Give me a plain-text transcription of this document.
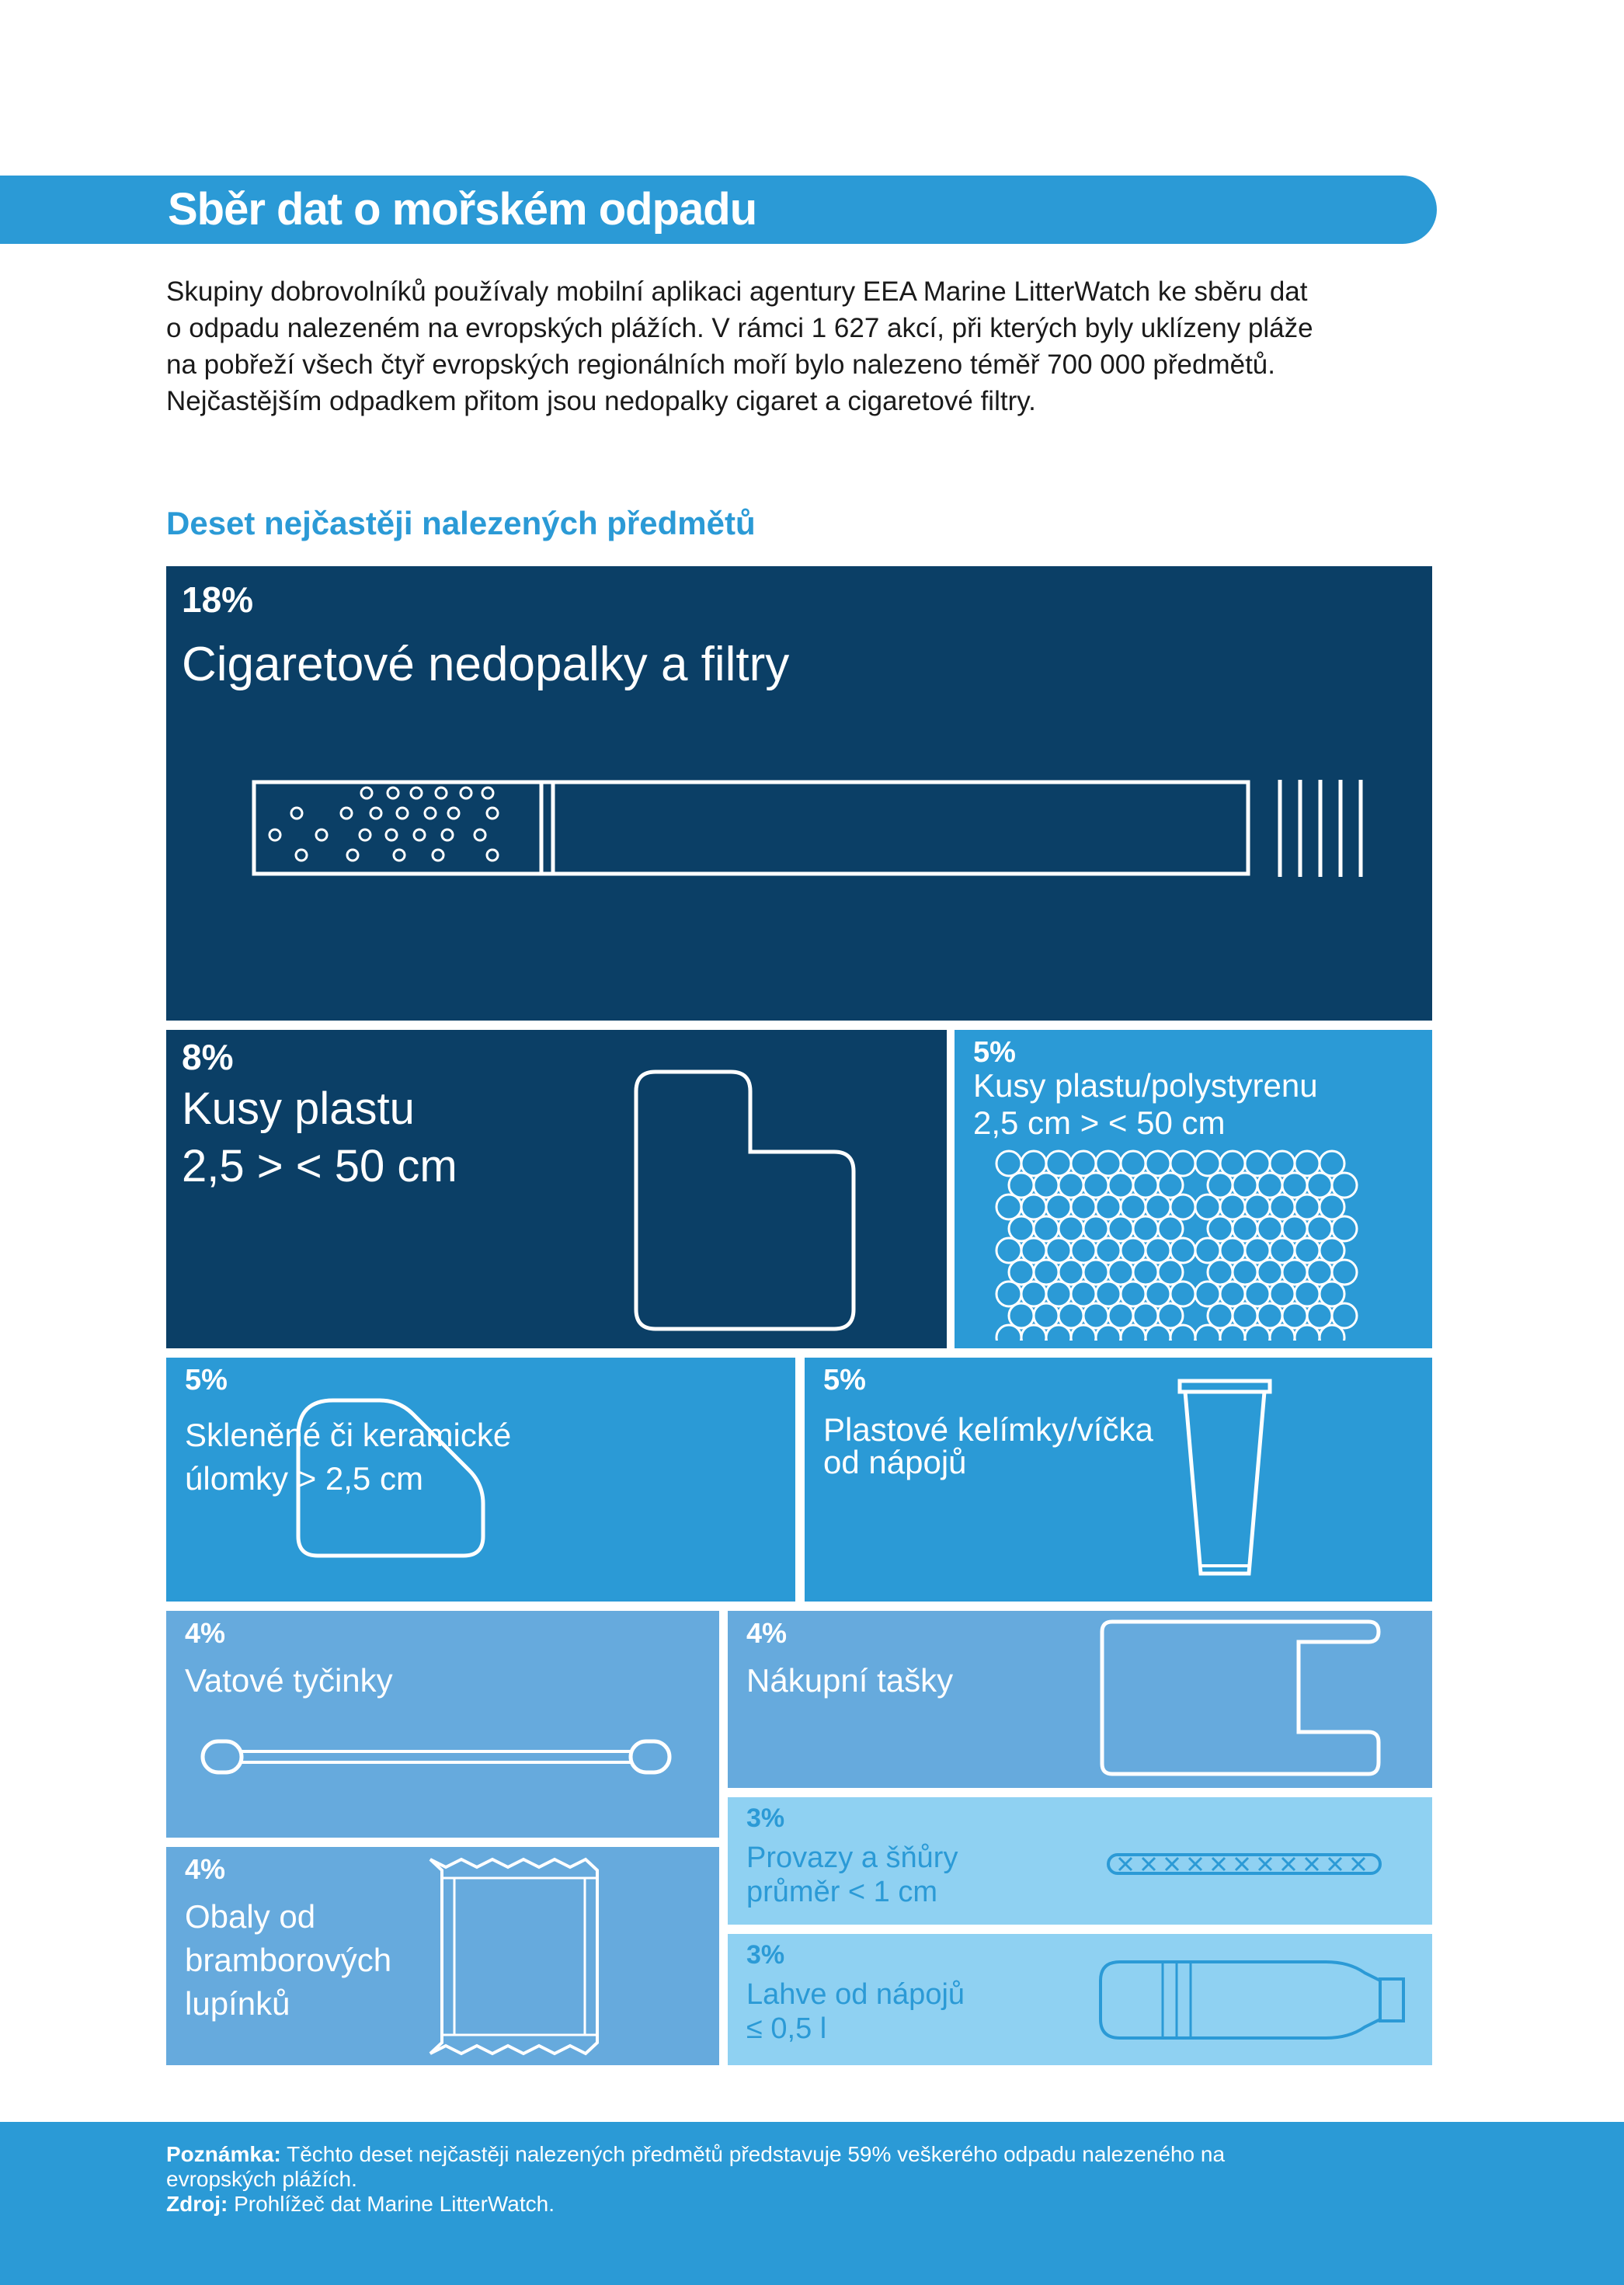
Sběr dat o mořském odpadu
Skupiny dobrovolníků používaly mobilní aplikaci agentury EEA Marine LitterWatch ke sběru dat
o odpadu nalezeném na evropských plážích. V rámci 1 627 akcí, při kterých byly uklízeny pláže
na pobřeží všech čtyř evropských regionálních moří bylo nalezeno téměř 700 000 předmětů.
Nejčastějším odpadkem přitom jsou nedopalky cigaret a cigaretové filtry.
Deset nejčastěji nalezených předmětů
18%
Cigaretové nedopalky a filtry
8%
Kusy plastu
2,5 > < 50 cm
5%
Kusy plastu/polystyrenu
2,5 cm > < 50 cm
5%
Skleněné či keramické
úlomky > 2,5 cm
5%
Plastové kelímky/víčka
od nápojů
4%
Vatové tyčinky
4%
Nákupní tašky
3%
Provazy a šňůry
průměr < 1 cm
4%
Obaly od
bramborových
lupínků
3%
Lahve od nápojů
≤ 0,5 l
Poznámka: Těchto deset nejčastěji nalezených předmětů představuje 59% veškerého odpadu nalezeného na
evropských plážích.
Zdroj: Prohlížeč dat Marine LitterWatch.
